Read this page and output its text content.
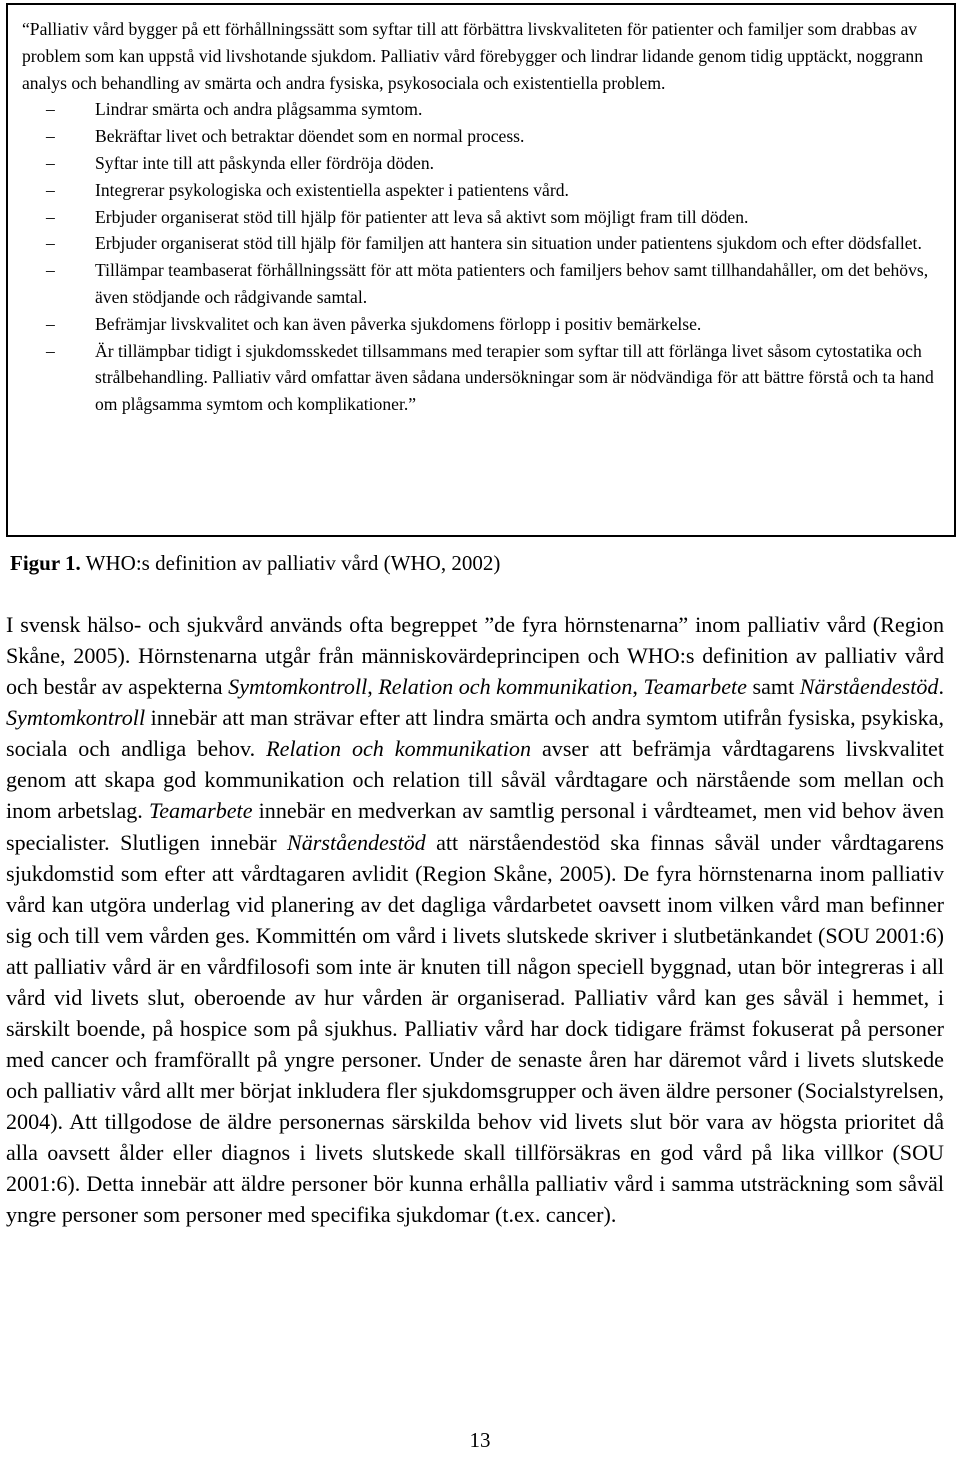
“Palliativ vård bygger på ett förhållningssätt som syftar till att förbättra livskvaliteten för patienter och familjer som drabbas av problem som kan uppstå vid livshotande sjukdom. Palliativ vård förebygger och lindrar lidande genom tidig upptäckt, noggrann analys och behandling av smärta och andra fysiska, psykosociala och existentiella problem.

–	Lindrar smärta och andra plågsamma symtom.
–	Bekräftar livet och betraktar döendet som en normal process.
–	Syftar inte till att påskynda eller fördröja döden.
–	Integrerar psykologiska och existentiella aspekter i patientens vård.
–	Erbjuder organiserat stöd till hjälp för patienter att leva så aktivt som möjligt fram till döden.
–	Erbjuder organiserat stöd till hjälp för familjen att hantera sin situation under patientens sjukdom och efter dödsfallet.
–	Tillämpar teambaserat förhållningssätt för att möta patienters och familjers behov samt tillhandahåller, om det behövs, även stödjande och rådgivande samtal.
–	Befrämjar livskvalitet och kan även påverka sjukdomens förlopp i positiv bemärkelse.
–	Är tillämpbar tidigt i sjukdomsskedet tillsammans med terapier som syftar till att förlänga livet såsom cytostatika och strålbehandling. Palliativ vård omfattar även sådana undersökningar som är nödvändiga för att bättre förstå och ta hand om plågsamma symtom och komplikationer.”

Figur 1. WHO:s definition av palliativ vård (WHO, 2002)

I svensk hälso- och sjukvård används ofta begreppet ”de fyra hörnstenarna” inom palliativ vård (Region Skåne, 2005). Hörnstenarna utgår från människovärdeprincipen och WHO:s definition av palliativ vård och består av aspekterna Symtomkontroll, Relation och kommunikation, Teamarbete samt Närståendestöd. Symtomkontroll innebär att man strävar efter att lindra smärta och andra symtom utifrån fysiska, psykiska, sociala och andliga behov. Relation och kommunikation avser att befrämja vårdtagarens livskvalitet genom att skapa god kommunikation och relation till såväl vårdtagare och närstående som mellan och inom arbetslag. Teamarbete innebär en medverkan av samtlig personal i vårdteamet, men vid behov även specialister. Slutligen innebär Närståendestöd att närståendestöd ska finnas såväl under vårdtagarens sjukdomstid som efter att vårdtagaren avlidit (Region Skåne, 2005). De fyra hörnstenarna inom palliativ vård kan utgöra underlag vid planering av det dagliga vårdarbetet oavsett inom vilken vård man befinner sig och till vem vården ges. Kommittén om vård i livets slutskede skriver i slutbetänkandet (SOU 2001:6) att palliativ vård är en vårdfilosofi som inte är knuten till någon speciell byggnad, utan bör integreras i all vård vid livets slut, oberoende av hur vården är organiserad. Palliativ vård kan ges såväl i hemmet, i särskilt boende, på hospice som på sjukhus. Palliativ vård har dock tidigare främst fokuserat på personer med cancer och framförallt på yngre personer. Under de senaste åren har däremot vård i livets slutskede och palliativ vård allt mer börjat inkludera fler sjukdomsgrupper och även äldre personer (Socialstyrelsen, 2004). Att tillgodose de äldre personernas särskilda behov vid livets slut bör vara av högsta prioritet då alla oavsett ålder eller diagnos i livets slutskede skall tillförsäkras en god vård på lika villkor (SOU 2001:6). Detta innebär att äldre personer bör kunna erhålla palliativ vård i samma utsträckning som såväl yngre personer som personer med specifika sjukdomar (t.ex. cancer).

13
